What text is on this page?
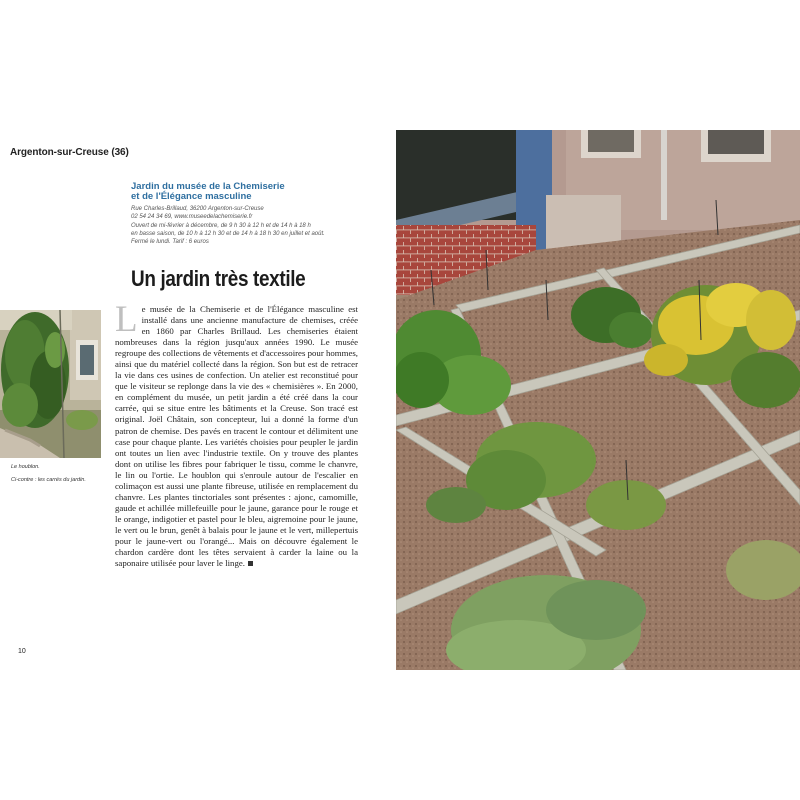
Argenton-sur-Creuse (36)
Jardin du musée de la Chemiserie
et de l'Élégance masculine
Rue Charles-Brillaud, 36200 Argenton-sur-Creuse
02 54 24 34 69, www.museedelachemiserie.fr
Ouvert de mi-février à décembre, de 9 h 30 à 12 h et de 14 h à 18 h
en basse saison, de 10 h à 12 h 30 et de 14 h à 18 h 30 en juillet et août.
Fermé le lundi. Tarif : 6 euros
Un jardin très textile
Le musée de la Chemiserie et de l'Élégance masculine est installé dans une ancienne manufacture de chemises, créée en 1860 par Charles Brillaud. Les chemiseries étaient nombreuses dans la région jusqu'aux années 1990. Le musée regroupe des collections de vêtements et d'accessoires pour hommes, ainsi que du matériel collecté dans la région. Son but est de retracer la vie dans ces usines de confection. Un atelier est reconstitué pour que le visiteur se replonge dans la vie des « chemisières ». En 2000, en complément du musée, un petit jardin a été créé dans la cour carrée, qui se situe entre les bâtiments et la Creuse. Son tracé est original. Joël Châtain, son concepteur, lui a donné la forme d'un patron de chemise. Des pavés en tracent le contour et délimitent une case pour chaque plante. Les variétés choisies pour peupler le jardin ont toutes un lien avec l'industrie textile. On y trouve des plantes dont on utilise les fibres pour fabriquer le tissu, comme le chanvre, le lin ou l'ortie. Le houblon qui s'enroule autour de l'escalier en colimaçon est aussi une plante fibreuse, utilisée en remplacement du chanvre. Les plantes tinctoriales sont présentes : ajonc, camomille, gaude et achillée millefeuille pour le jaune, garance pour le rouge et le orange, indigotier et pastel pour le bleu, aigremoine pour le jaune, le vert ou le brun, genêt à balais pour le jaune et le vert, millepertuis pour le jaune-vert ou l'orangé... Mais on découvre également le chardon cardère dont les têtes servaient à carder la laine ou la saponaire utilisée pour laver le linge.
Le houblon.
Ci-contre : les carrés du jardin.
10
